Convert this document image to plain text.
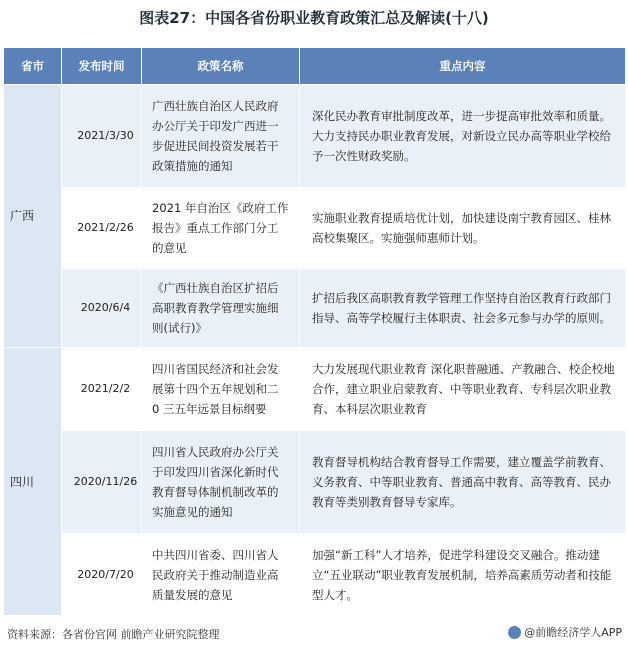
图表27：中国各省份职业教育政策汇总及解读(十八)
省市	发布时间	政策名称	重点内容
广西	2021/3/30	广西壮族自治区人民政府办公厅关于印发广西进一步促进民间投资发展若干政策措施的通知	深化民办教育审批制度改革，进一步提高审批效率和质量。大力支持民办职业教育发展，对新设立民办高等职业学校给予一次性财政奖励。
	2021/2/26	2021 年自治区《政府工作报告》重点工作部门分工的意见	实施职业教育提质培优计划，加快建设南宁教育园区、桂林高校集聚区。实施强师惠师计划。
	2020/6/4	《广西壮族自治区扩招后高职教育教学管理实施细则(试行)》	扩招后我区高职教育教学管理工作坚持自治区教育行政部门指导、高等学校履行主体职责、社会多元参与办学的原则。
四川	2021/2/2	四川省国民经济和社会发展第十四个五年规划和二 0 三五年远景目标纲要	大力发展现代职业教育 深化职普融通、产教融合、校企校地合作，建立职业启蒙教育、中等职业教育、专科层次职业教育、本科层次职业教育
	2020/11/26	四川省人民政府办公厅关于印发四川省深化新时代教育督导体制机制改革的实施意见的通知	教育督导机构结合教育督导工作需要，建立覆盖学前教育、义务教育、中等职业教育、普通高中教育、高等教育、民办教育等类别教育督导专家库。
	2020/7/20	中共四川省委、四川省人民政府关于推动制造业高质量发展的意见	加强“新工科”人才培养，促进学科建设交叉融合。推动建立“五业联动”职业教育发展机制，培养高素质劳动者和技能型人才。
资料来源：各省份官网 前瞻产业研究院整理	@前瞻经济学人APP
